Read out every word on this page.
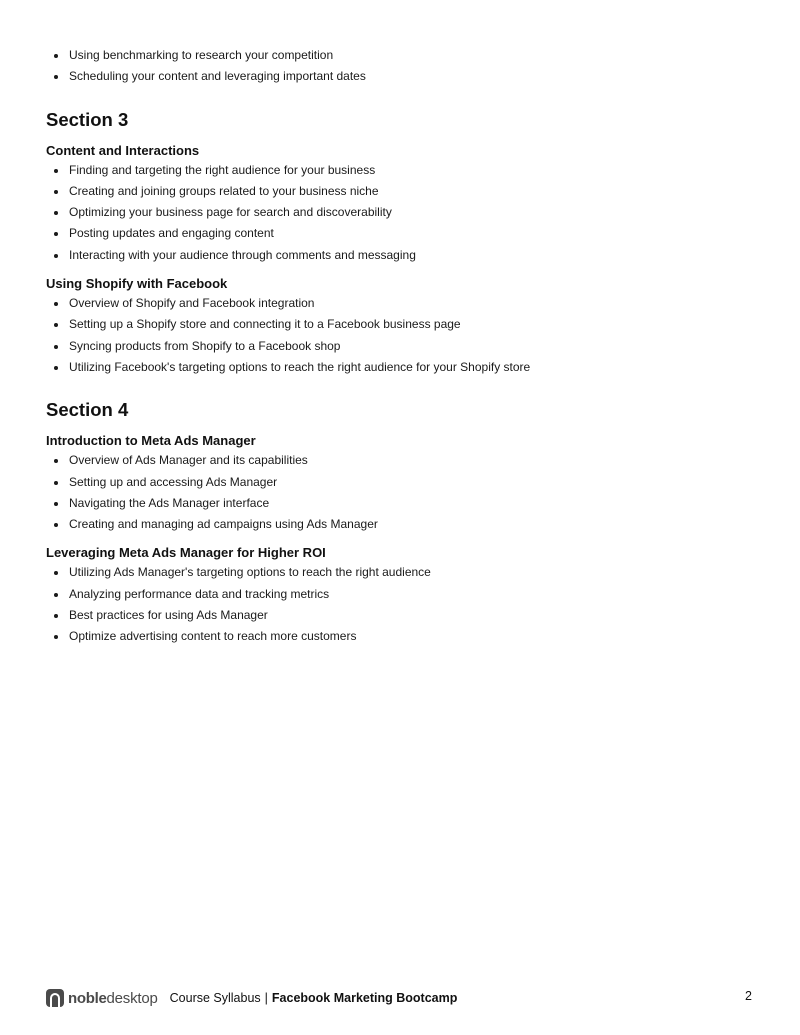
Using benchmarking to research your competition
Scheduling your content and leveraging important dates
Section 3
Content and Interactions
Finding and targeting the right audience for your business
Creating and joining groups related to your business niche
Optimizing your business page for search and discoverability
Posting updates and engaging content
Interacting with your audience through comments and messaging
Using Shopify with Facebook
Overview of Shopify and Facebook integration
Setting up a Shopify store and connecting it to a Facebook business page
Syncing products from Shopify to a Facebook shop
Utilizing Facebook's targeting options to reach the right audience for your Shopify store
Section 4
Introduction to Meta Ads Manager
Overview of Ads Manager and its capabilities
Setting up and accessing Ads Manager
Navigating the Ads Manager interface
Creating and managing ad campaigns using Ads Manager
Leveraging Meta Ads Manager for Higher ROI
Utilizing Ads Manager's targeting options to reach the right audience
Analyzing performance data and tracking metrics
Best practices for using Ads Manager
Optimize advertising content to reach more customers
noble desktop Course Syllabus | Facebook Marketing Bootcamp	2
